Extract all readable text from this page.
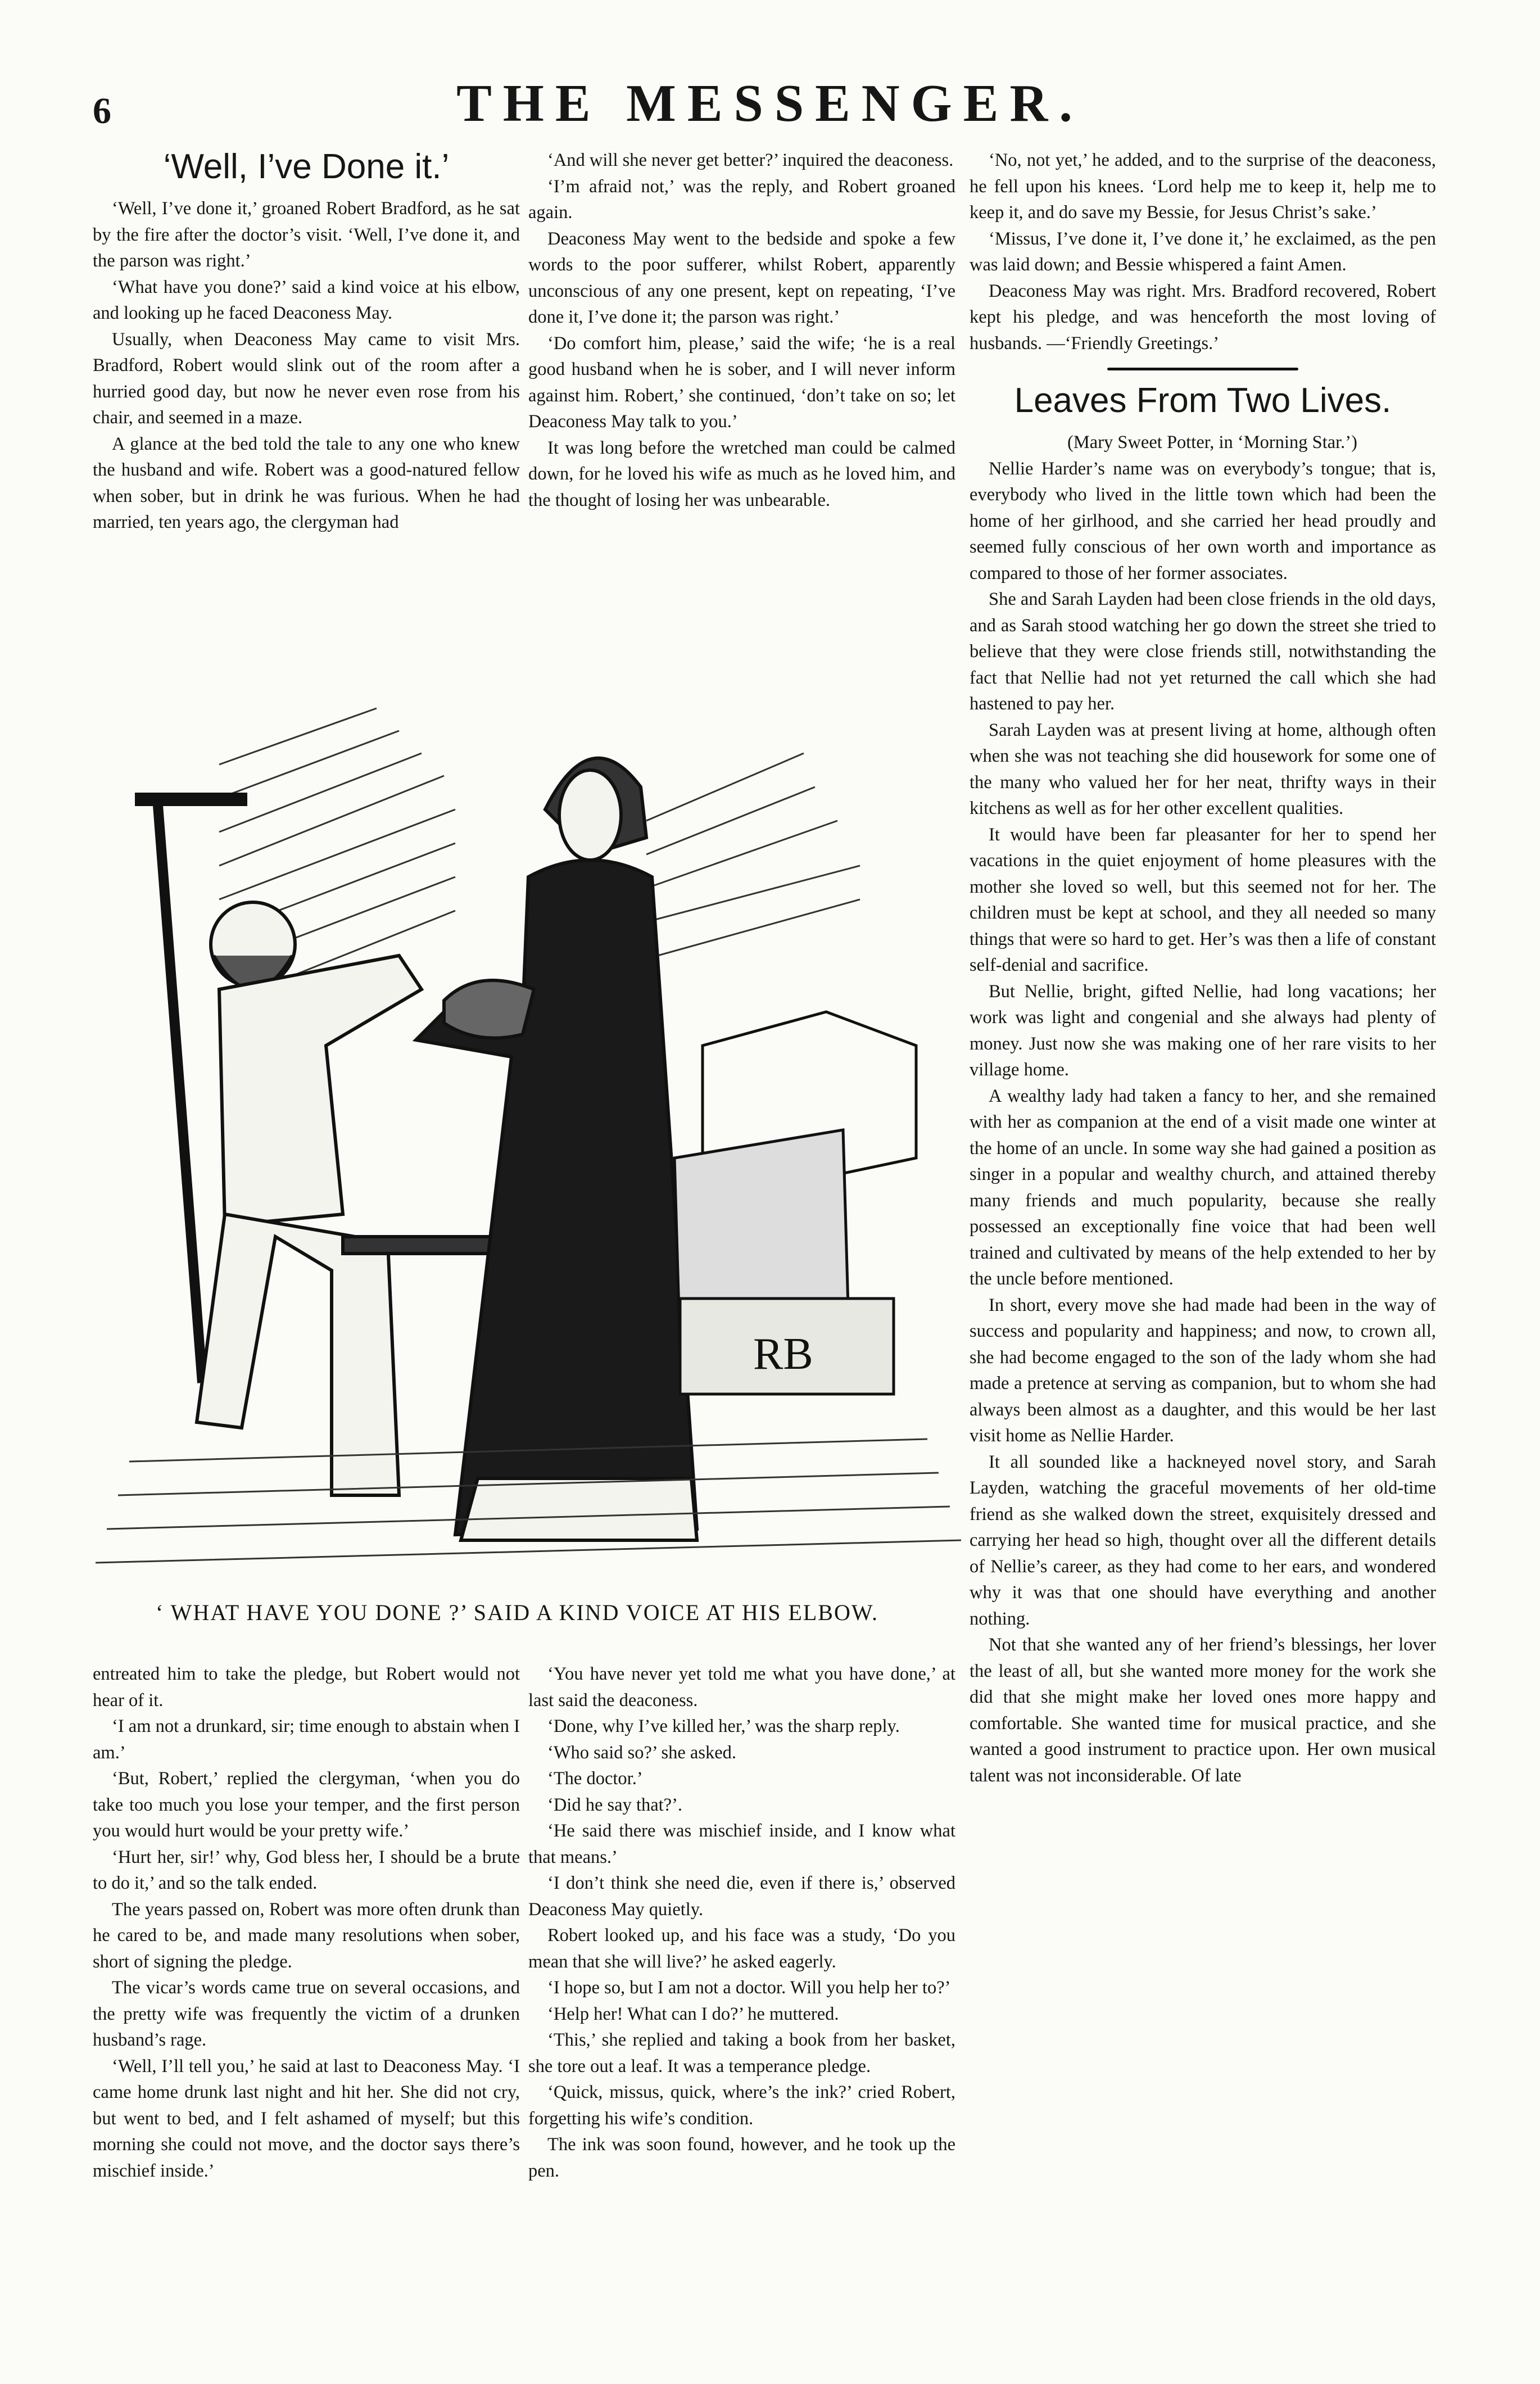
6	THE MESSENGER.
‘Well, I’ve Done it.’

‘Well, I’ve done it,’ groaned Robert Bradford, as he sat by the fire after the doctor’s visit. ‘Well, I’ve done it, and the parson was right.’

‘What have you done?’ said a kind voice at his elbow, and looking up he faced Deaconess May.

Usually, when Deaconess May came to visit Mrs. Bradford, Robert would slink out of the room after a hurried good day, but now he never even rose from his chair, and seemed in a maze.

A glance at the bed told the tale to any one who knew the husband and wife. Robert was a good-natured fellow when sober, but in drink he was furious. When he had married, ten years ago, the clergyman had

‘And will she never get better?’ inquired the deaconess.

‘I’m afraid not,’ was the reply, and Robert groaned again.

Deaconess May went to the bedside and spoke a few words to the poor sufferer, whilst Robert, apparently unconscious of any one present, kept on repeating, ‘I’ve done it, I’ve done it; the parson was right.’

‘Do comfort him, please,’ said the wife; ‘he is a real good husband when he is sober, and I will never inform against him. Robert,’ she continued, ‘don’t take on so; let Deaconess May talk to you.’

It was long before the wretched man could be calmed down, for he loved his wife as much as he loved him, and the thought of losing her was unbearable.

RB
‘ WHAT HAVE YOU DONE ?’ SAID A KIND VOICE AT HIS ELBOW.

entreated him to take the pledge, but Robert would not hear of it.

‘I am not a drunkard, sir; time enough to abstain when I am.’

‘But, Robert,’ replied the clergyman, ‘when you do take too much you lose your temper, and the first person you would hurt would be your pretty wife.’

‘Hurt her, sir!’ why, God bless her, I should be a brute to do it,’ and so the talk ended.

The years passed on, Robert was more often drunk than he cared to be, and made many resolutions when sober, short of signing the pledge.

The vicar’s words came true on several occasions, and the pretty wife was frequently the victim of a drunken husband’s rage.

‘Well, I’ll tell you,’ he said at last to Deaconess May. ‘I came home drunk last night and hit her. She did not cry, but went to bed, and I felt ashamed of myself; but this morning she could not move, and the doctor says there’s mischief inside.’

‘You have never yet told me what you have done,’ at last said the deaconess.

‘Done, why I’ve killed her,’ was the sharp reply.

‘Who said so?’ she asked.

‘The doctor.’

‘Did he say that?’.

‘He said there was mischief inside, and I know what that means.’

‘I don’t think she need die, even if there is,’ observed Deaconess May quietly.

Robert looked up, and his face was a study, ‘Do you mean that she will live?’ he asked eagerly.

‘I hope so, but I am not a doctor. Will you help her to?’

‘Help her! What can I do?’ he muttered.

‘This,’ she replied and taking a book from her basket, she tore out a leaf. It was a temperance pledge.

‘Quick, missus, quick, where’s the ink?’ cried Robert, forgetting his wife’s condition.

The ink was soon found, however, and he took up the pen.

‘No, not yet,’ he added, and to the surprise of the deaconess, he fell upon his knees. ‘Lord help me to keep it, help me to keep it, and do save my Bessie, for Jesus Christ’s sake.’

‘Missus, I’ve done it, I’ve done it,’ he exclaimed, as the pen was laid down; and Bessie whispered a faint Amen.

Deaconess May was right. Mrs. Bradford recovered, Robert kept his pledge, and was henceforth the most loving of husbands. —‘Friendly Greetings.’

Leaves From Two Lives.

(Mary Sweet Potter, in ‘Morning Star.’)

Nellie Harder’s name was on everybody’s tongue; that is, everybody who lived in the little town which had been the home of her girlhood, and she carried her head proudly and seemed fully conscious of her own worth and importance as compared to those of her former associates.

She and Sarah Layden had been close friends in the old days, and as Sarah stood watching her go down the street she tried to believe that they were close friends still, notwithstanding the fact that Nellie had not yet returned the call which she had hastened to pay her.

Sarah Layden was at present living at home, although often when she was not teaching she did housework for some one of the many who valued her for her neat, thrifty ways in their kitchens as well as for her other excellent qualities.

It would have been far pleasanter for her to spend her vacations in the quiet enjoyment of home pleasures with the mother she loved so well, but this seemed not for her. The children must be kept at school, and they all needed so many things that were so hard to get. Her’s was then a life of constant self-denial and sacrifice.

But Nellie, bright, gifted Nellie, had long vacations; her work was light and congenial and she always had plenty of money. Just now she was making one of her rare visits to her village home.

A wealthy lady had taken a fancy to her, and she remained with her as companion at the end of a visit made one winter at the home of an uncle. In some way she had gained a position as singer in a popular and wealthy church, and attained thereby many friends and much popularity, because she really possessed an exceptionally fine voice that had been well trained and cultivated by means of the help extended to her by the uncle before mentioned.

In short, every move she had made had been in the way of success and popularity and happiness; and now, to crown all, she had become engaged to the son of the lady whom she had made a pretence at serving as companion, but to whom she had always been almost as a daughter, and this would be her last visit home as Nellie Harder.

It all sounded like a hackneyed novel story, and Sarah Layden, watching the graceful movements of her old-time friend as she walked down the street, exquisitely dressed and carrying her head so high, thought over all the different details of Nellie’s career, as they had come to her ears, and wondered why it was that one should have everything and another nothing.

Not that she wanted any of her friend’s blessings, her lover the least of all, but she wanted more money for the work she did that she might make her loved ones more happy and comfortable. She wanted time for musical practice, and she wanted a good instrument to practice upon. Her own musical talent was not inconsiderable. Of late
